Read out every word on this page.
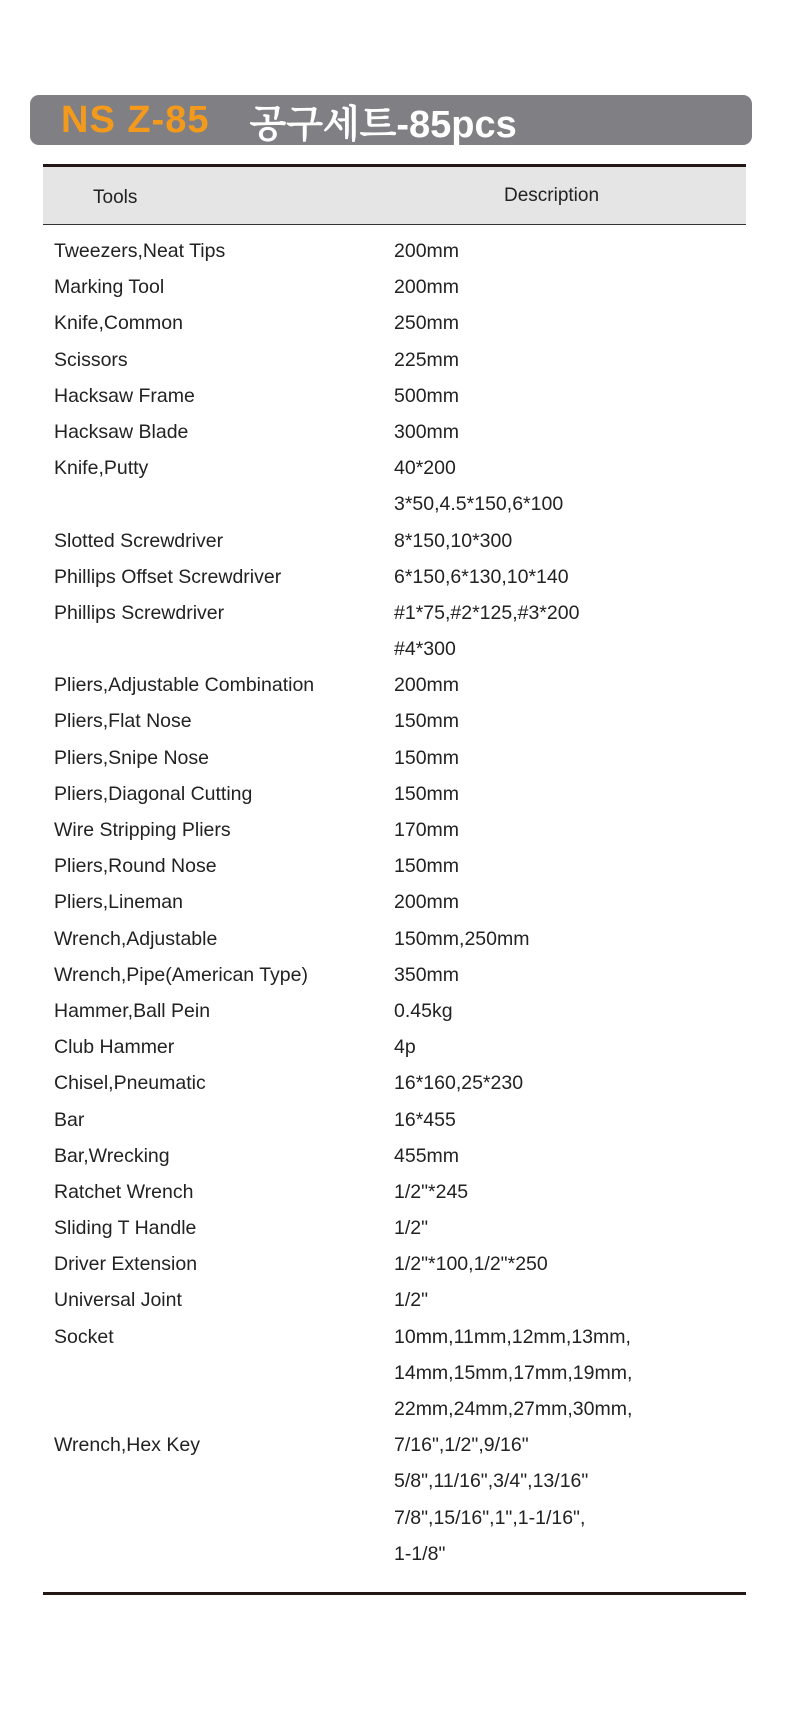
NS Z-85 공구세트-85pcs
Tools	Description
Tweezers,Neat Tips	200mm
Marking Tool	200mm
Knife,Common	250mm
Scissors	225mm
Hacksaw Frame	500mm
Hacksaw Blade	300mm
Knife,Putty	40*200
3*50,4.5*150,6*100
Slotted Screwdriver	8*150,10*300
Phillips Offset Screwdriver	6*150,6*130,10*140
Phillips Screwdriver	#1*75,#2*125,#3*200
#4*300
Pliers,Adjustable Combination	200mm
Pliers,Flat Nose	150mm
Pliers,Snipe Nose	150mm
Pliers,Diagonal Cutting	150mm
Wire Stripping Pliers	170mm
Pliers,Round Nose	150mm
Pliers,Lineman	200mm
Wrench,Adjustable	150mm,250mm
Wrench,Pipe(American Type)	350mm
Hammer,Ball Pein	0.45kg
Club Hammer	4p
Chisel,Pneumatic	16*160,25*230
Bar	16*455
Bar,Wrecking	455mm
Ratchet Wrench	1/2"*245
Sliding T Handle	1/2"
Driver Extension	1/2"*100,1/2"*250
Universal Joint	1/2"
Socket	10mm,11mm,12mm,13mm,
14mm,15mm,17mm,19mm,
22mm,24mm,27mm,30mm,
Wrench,Hex Key	7/16",1/2",9/16"
5/8",11/16",3/4",13/16"
7/8",15/16",1",1-1/16",
1-1/8"
